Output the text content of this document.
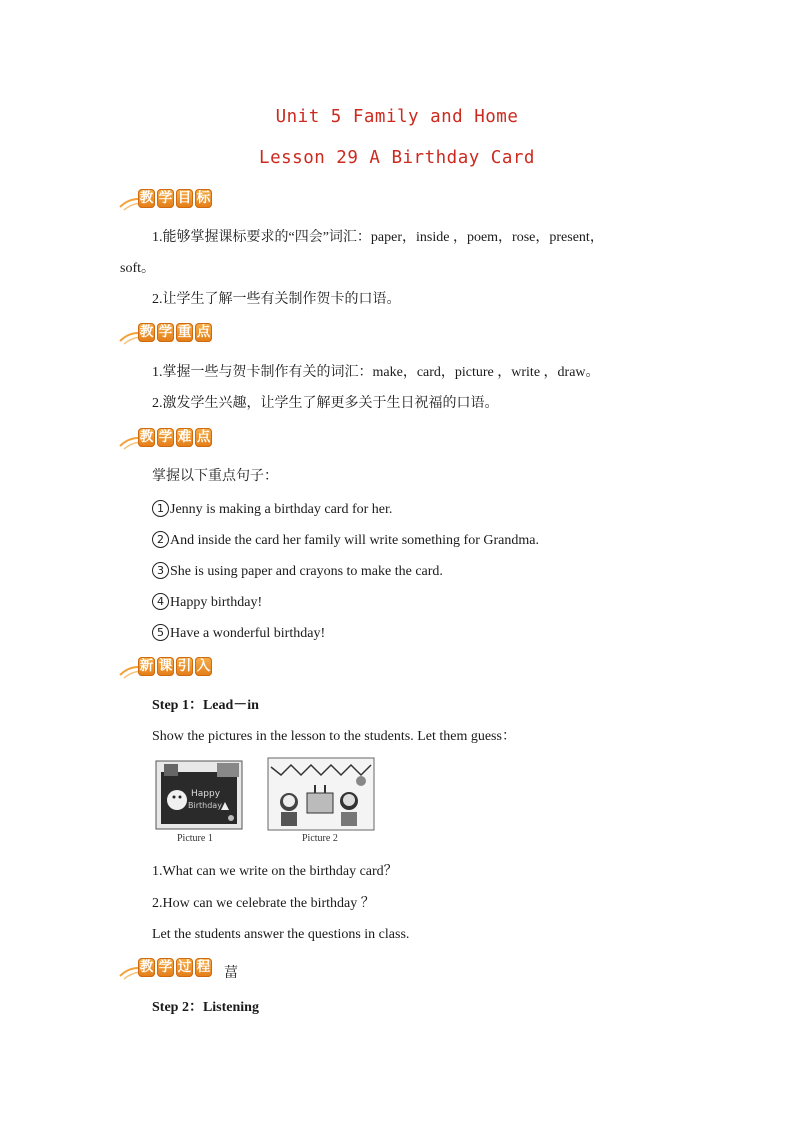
Unit 5 Family and Home
Lesson 29 A Birthday Card
教 学 目 标
1.能够掌握课标要求的“四会”词汇：paper，inside ，poem，rose，present，
soft。
2.让学生了解一些有关制作贺卡的口语。
教 学 重 点
1.掌握一些与贺卡制作有关的词汇：make，card，picture ，write ，draw。
2.激发学生兴趣，让学生了解更多关于生日祝福的口语。
教 学 难 点
掌握以下重点句子：
1 Jenny is making a birthday card for her.
2 And inside the card her family will write something for Grandma.
3 She is using paper and crayons to make the card.
4 Happy birthday!
5 Have a wonderful birthday!
新 课 引 入
Step 1：Lead－in
Show the pictures in the lesson to the students. Let them guess：
Happy
Birthday
Picture 1	Picture 2
1.What can we write on the birthday card？
2.How can we celebrate the birthday ？
Let the students answer the questions in class.
教 学 过 程 葍
Step 2：Listening
